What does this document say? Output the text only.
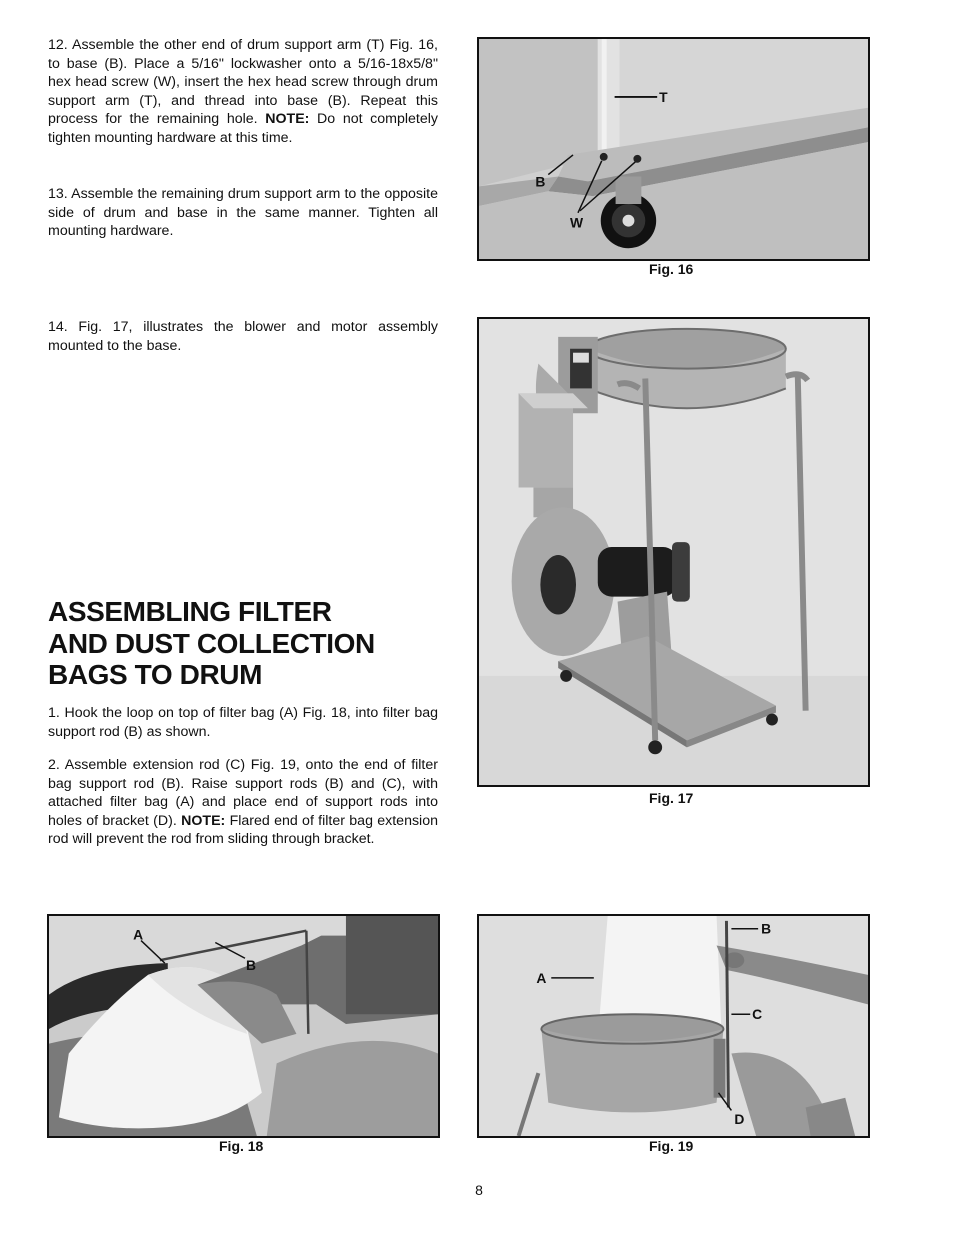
12. Assemble the other end of drum support arm (T) Fig. 16, to base (B). Place a 5/16" lockwasher onto a 5/16-18x5/8" hex head screw (W), insert the hex head screw through drum support arm (T), and thread into base (B). Repeat this process for the remaining hole. NOTE: Do not completely tighten mounting hardware at this time.
13. Assemble the remaining drum support arm to the opposite side of drum and base in the same manner. Tighten all mounting hardware.
14. Fig. 17, illustrates the blower and motor assembly mounted to the base.
ASSEMBLING FILTER
AND DUST COLLECTION
BAGS TO DRUM
1. Hook the loop on top of filter bag (A) Fig. 18, into filter bag support rod (B) as shown.
2. Assemble extension rod (C) Fig. 19, onto the end of filter bag support rod (B). Raise support rods (B) and (C), with attached filter bag (A) and place end of support rods into holes of bracket (D). NOTE: Flared end of filter bag extension rod will prevent the rod from sliding through bracket.
T
B
W
Fig. 16
Fig. 17
A
B
Fig. 18
A
B
C
D
Fig. 19
8
